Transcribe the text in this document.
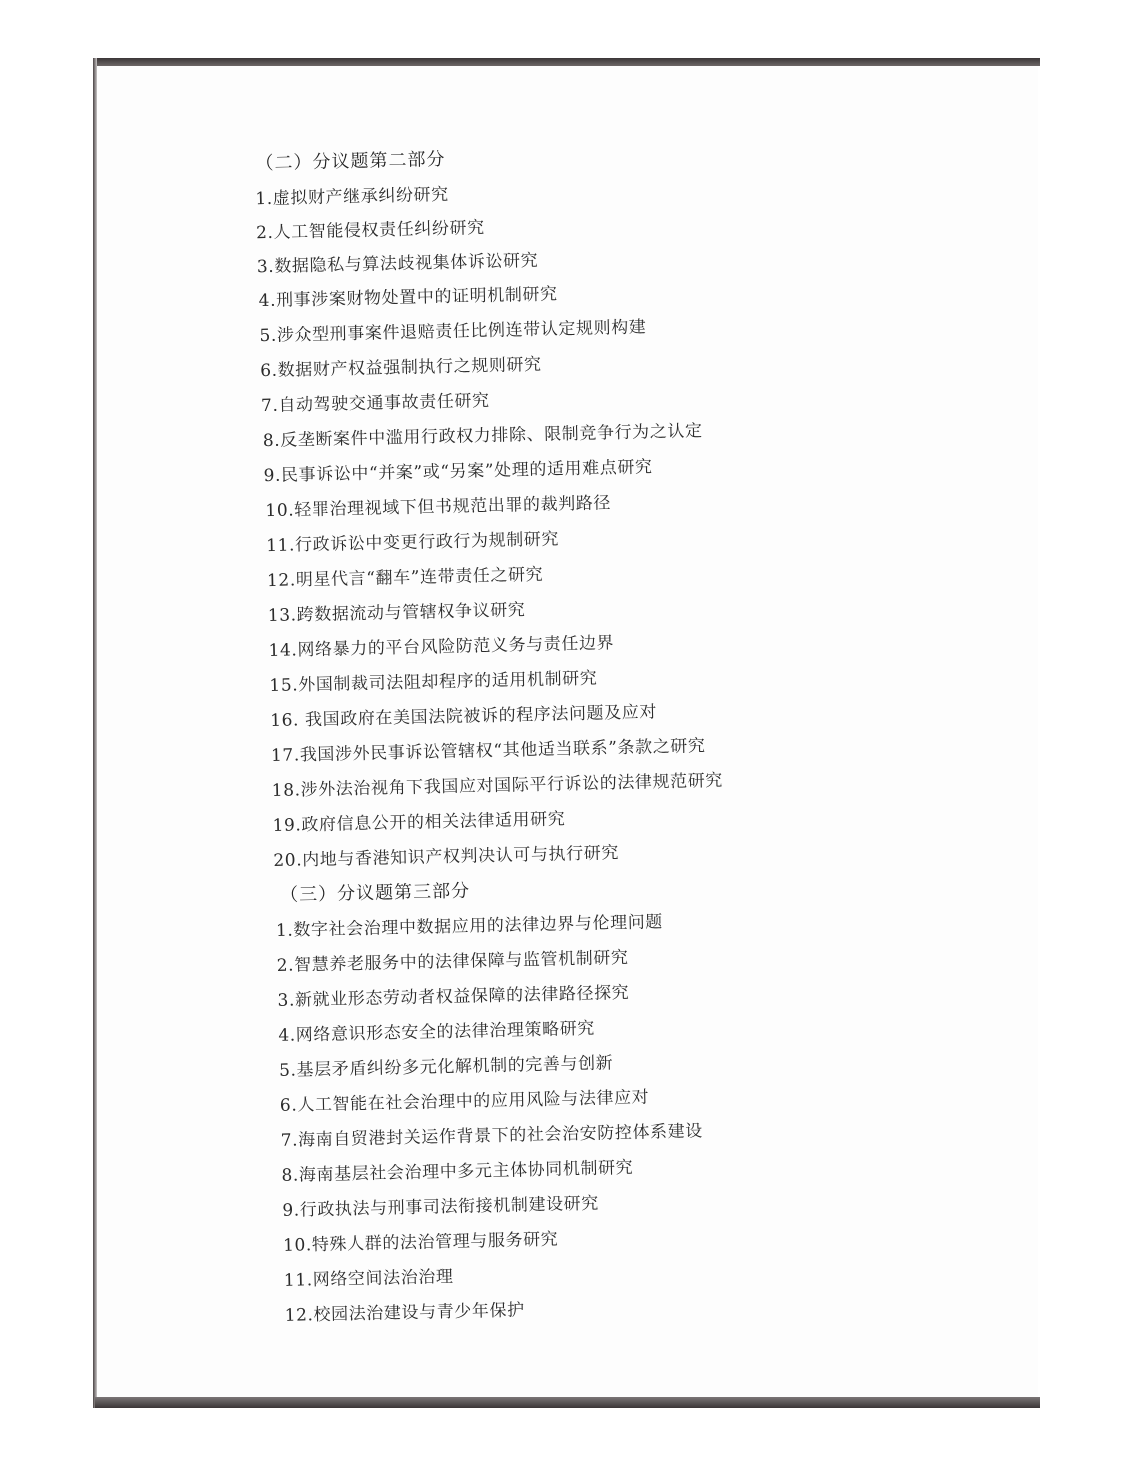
（二）分议题第二部分
1.虚拟财产继承纠纷研究
2.人工智能侵权责任纠纷研究
3.数据隐私与算法歧视集体诉讼研究
4.刑事涉案财物处置中的证明机制研究
5.涉众型刑事案件退赔责任比例连带认定规则构建
6.数据财产权益强制执行之规则研究
7.自动驾驶交通事故责任研究
8.反垄断案件中滥用行政权力排除、限制竞争行为之认定
9.民事诉讼中“并案”或“另案”处理的适用难点研究
10.轻罪治理视域下但书规范出罪的裁判路径
11.行政诉讼中变更行政行为规制研究
12.明星代言“翻车”连带责任之研究
13.跨数据流动与管辖权争议研究
14.网络暴力的平台风险防范义务与责任边界
15.外国制裁司法阻却程序的适用机制研究
16. 我国政府在美国法院被诉的程序法问题及应对
17.我国涉外民事诉讼管辖权“其他适当联系”条款之研究
18.涉外法治视角下我国应对国际平行诉讼的法律规范研究
19.政府信息公开的相关法律适用研究
20.内地与香港知识产权判决认可与执行研究
（三）分议题第三部分
1.数字社会治理中数据应用的法律边界与伦理问题
2.智慧养老服务中的法律保障与监管机制研究
3.新就业形态劳动者权益保障的法律路径探究
4.网络意识形态安全的法律治理策略研究
5.基层矛盾纠纷多元化解机制的完善与创新
6.人工智能在社会治理中的应用风险与法律应对
7.海南自贸港封关运作背景下的社会治安防控体系建设
8.海南基层社会治理中多元主体协同机制研究
9.行政执法与刑事司法衔接机制建设研究
10.特殊人群的法治管理与服务研究
11.网络空间法治治理
12.校园法治建设与青少年保护
